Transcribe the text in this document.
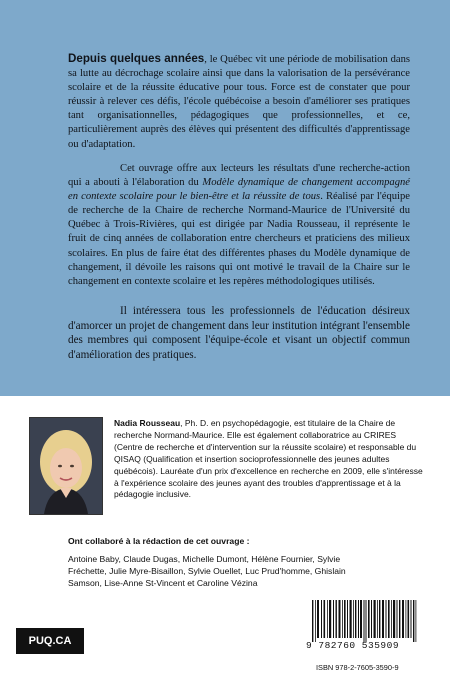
Depuis quelques années, le Québec vit une période de mobilisation dans sa lutte au décrochage scolaire ainsi que dans la valorisation de la persévérance scolaire et de la réussite éducative pour tous. Force est de constater que pour réussir à relever ces défis, l'école québécoise a besoin d'améliorer ses pratiques tant organisationnelles, pédagogiques que professionnelles, et ce, particulièrement auprès des élèves qui présentent des difficultés d'apprentissage ou d'adaptation.

Cet ouvrage offre aux lecteurs les résultats d'une recherche-action qui a abouti à l'élaboration du Modèle dynamique de changement accompagné en contexte scolaire pour le bien-être et la réussite de tous. Réalisé par l'équipe de recherche de la Chaire de recherche Normand-Maurice de l'Université du Québec à Trois-Rivières, qui est dirigée par Nadia Rousseau, il représente le fruit de cinq années de collaboration entre chercheurs et praticiens des milieux scolaires. En plus de faire état des différentes phases du Modèle dynamique de changement, il dévoile les raisons qui ont motivé le travail de la Chaire sur le changement en contexte scolaire et les repères méthodologiques utilisés.

Il intéressera tous les professionnels de l'éducation désireux d'amorcer un projet de changement dans leur institution intégrant l'ensemble des membres qui composent l'équipe-école et visant un objectif commun d'amélioration des pratiques.

Nadia Rousseau, Ph. D. en psychopédagogie, est titulaire de la Chaire de recherche Normand-Maurice. Elle est également collaboratrice au CRIRES (Centre de recherche et d'intervention sur la réussite scolaire) et responsable du QISAQ (Qualification et insertion socioprofessionnelle des jeunes adultes québécois). Lauréate d'un prix d'excellence en recherche en 2009, elle s'intéresse à l'expérience scolaire des jeunes ayant des troubles d'apprentissage et à la pédagogie inclusive.

Ont collaboré à la rédaction de cet ouvrage :

Antoine Baby, Claude Dugas, Michelle Dumont, Hélène Fournier, Sylvie Fréchette, Julie Myre-Bisaillon, Sylvie Ouellet, Luc Prud'homme, Ghislain Samson, Lise-Anne St-Vincent et Caroline Vézina

PUQ.CA	9 782760 535909

ISBN 978-2-7605-3590-9
